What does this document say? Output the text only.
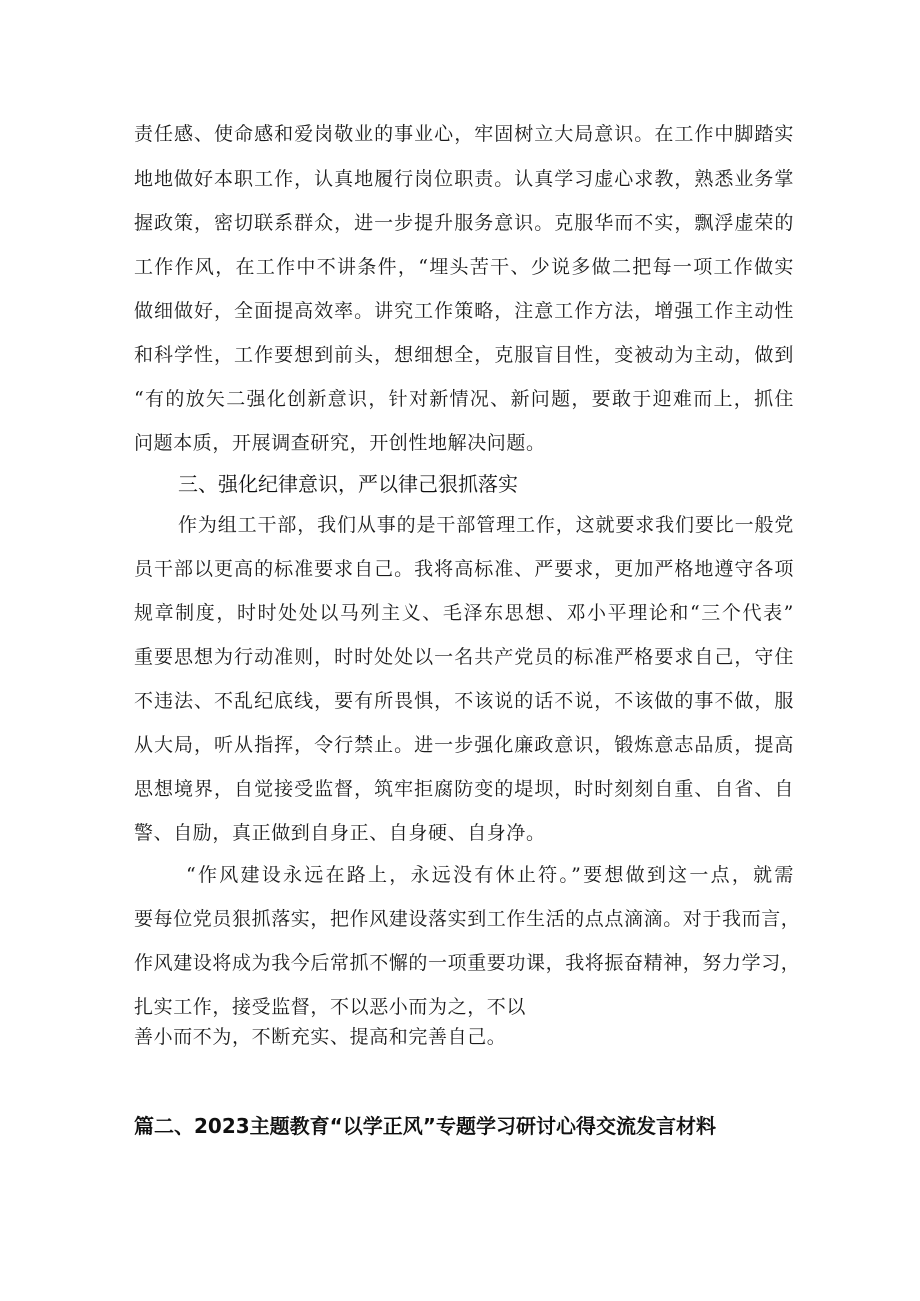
责任感、使命感和爱岗敬业的事业心，牢固树立大局意识。在工作中脚踏实
地地做好本职工作，认真地履行岗位职责。认真学习虚心求教，熟悉业务掌
握政策，密切联系群众，进一步提升服务意识。克服华而不实，飘浮虚荣的
工作作风，在工作中不讲条件，“埋头苦干、少说多做二把每一项工作做实
做细做好，全面提高效率。讲究工作策略，注意工作方法，增强工作主动性
和科学性，工作要想到前头，想细想全，克服盲目性，变被动为主动，做到
“有的放矢二强化创新意识，针对新情况、新问题，要敢于迎难而上，抓住
问题本质，开展调查研究，开创性地解决问题。
三、强化纪律意识，严以律己狠抓落实
作为组工干部，我们从事的是干部管理工作，这就要求我们要比一般党
员干部以更高的标准要求自己。我将高标准、严要求，更加严格地遵守各项
规章制度，时时处处以马列主义、毛泽东思想、邓小平理论和“三个代表”
重要思想为行动准则，时时处处以一名共产党员的标准严格要求自己，守住
不违法、不乱纪底线，要有所畏惧，不该说的话不说，不该做的事不做，服
从大局，听从指挥，令行禁止。进一步强化廉政意识，锻炼意志品质，提高
思想境界，自觉接受监督，筑牢拒腐防变的堤坝，时时刻刻自重、自省、自
警、自励，真正做到自身正、自身硬、自身净。
“作风建设永远在路上，永远没有休止符。”要想做到这一点，就需
要每位党员狠抓落实，把作风建设落实到工作生活的点点滴滴。对于我而言，
作风建设将成为我今后常抓不懈的一项重要功课，我将振奋精神，努力学习，
扎实工作，接受监督，不以恶小而为之，不以
善小而不为，不断充实、提高和完善自己。
篇二、2023主题教育“以学正风”专题学习研讨心得交流发言材料
